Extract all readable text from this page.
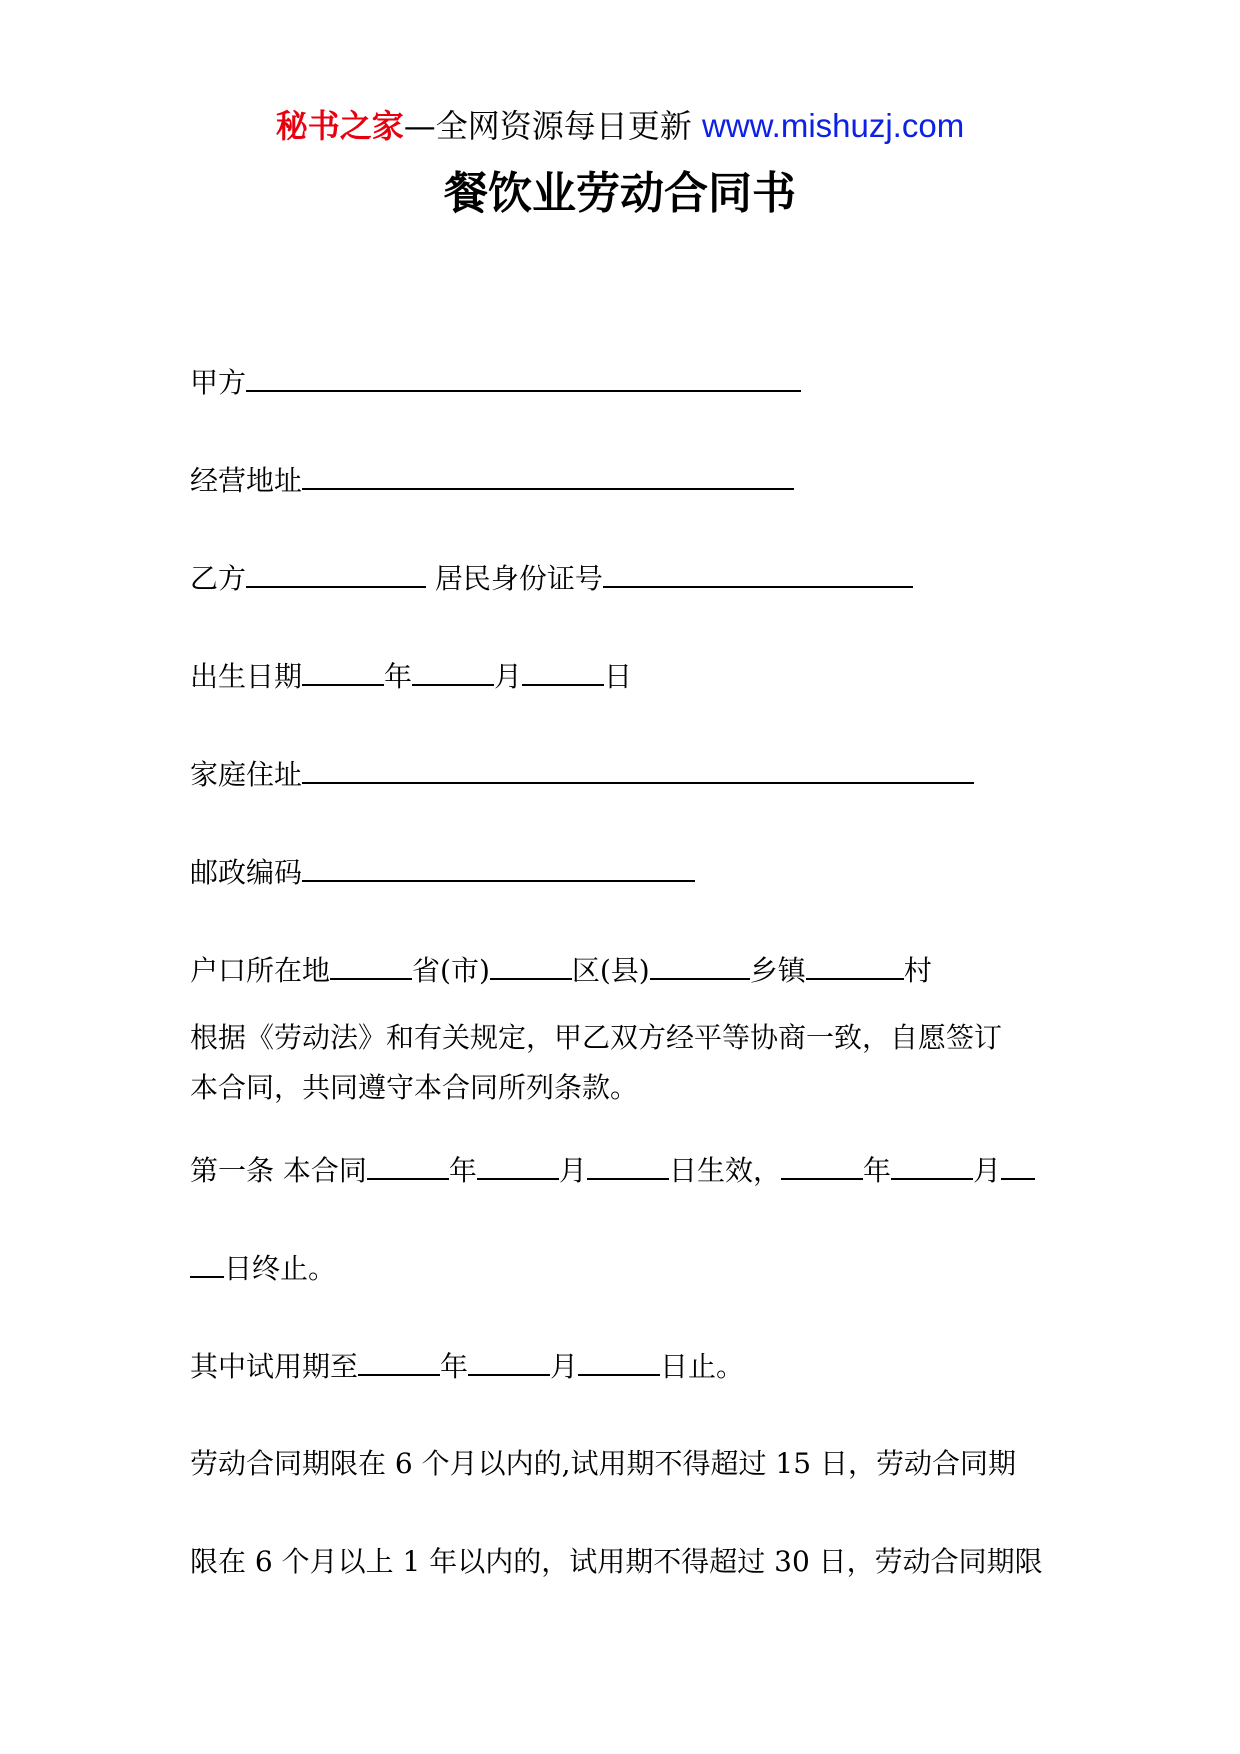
秘书之家—全网资源每日更新 www.mishuzj.com
餐饮业劳动合同书
甲方
经营地址
乙方	居民身份证号
出生日期	年	月	日
家庭住址
邮政编码
户口所在地	省(市)	区(县)	乡镇	村
根据《劳动法》和有关规定，甲乙双方经平等协商一致，自愿签订
本合同，共同遵守本合同所列条款。
第一条 本合同	年	月	日生效，	年	月
日终止。
其中试用期至	年	月	日止。
劳动合同期限在 6 个月以内的,试用期不得超过 15 日，劳动合同期
限在 6 个月以上 1 年以内的，试用期不得超过 30 日，劳动合同期限
